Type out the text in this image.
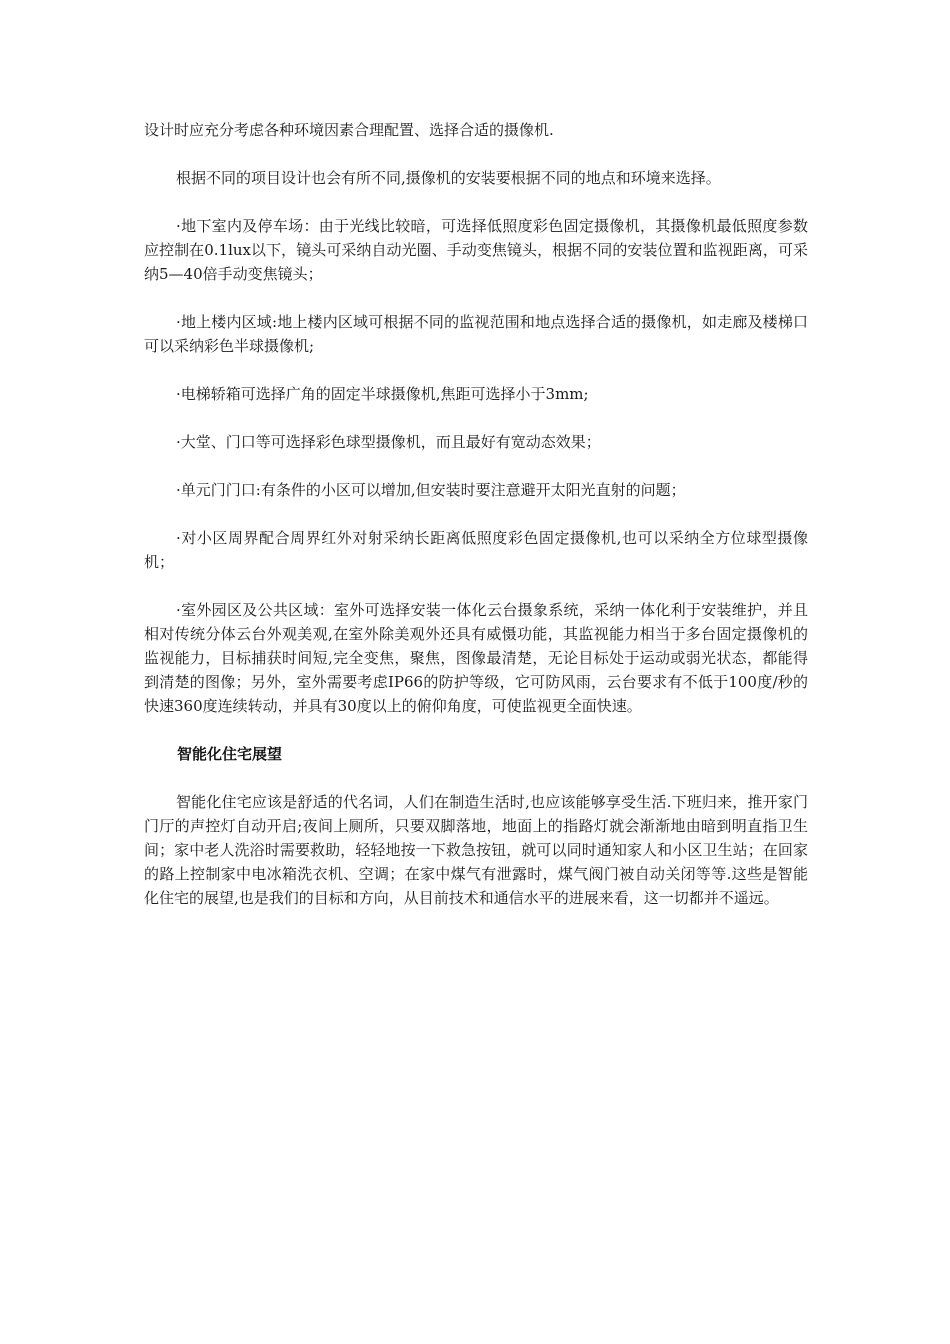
设计时应充分考虑各种环境因素合理配置、选择合适的摄像机.

根据不同的项目设计也会有所不同,摄像机的安装要根据不同的地点和环境来选择。

·地下室内及停车场：由于光线比较暗，可选择低照度彩色固定摄像机，其摄像机最低照度参数应控制在0.1lux以下，镜头可采纳自动光圈、手动变焦镜头，根据不同的安装位置和监视距离，可采纳5—40倍手动变焦镜头；

·地上楼内区域:地上楼内区域可根据不同的监视范围和地点选择合适的摄像机，如走廊及楼梯口可以采纳彩色半球摄像机;

·电梯轿箱可选择广角的固定半球摄像机,焦距可选择小于3mm;

·大堂、门口等可选择彩色球型摄像机，而且最好有宽动态效果；

·单元门门口:有条件的小区可以增加,但安装时要注意避开太阳光直射的问题；

·对小区周界配合周界红外对射采纳长距离低照度彩色固定摄像机,也可以采纳全方位球型摄像机；

·室外园区及公共区域：室外可选择安装一体化云台摄象系统，采纳一体化利于安装维护，并且相对传统分体云台外观美观,在室外除美观外还具有威慑功能，其监视能力相当于多台固定摄像机的监视能力，目标捕获时间短,完全变焦，聚焦，图像最清楚，无论目标处于运动或弱光状态，都能得到清楚的图像；另外，室外需要考虑IP66的防护等级，它可防风雨，云台要求有不低于100度/秒的快速360度连续转动，并具有30度以上的俯仰角度，可使监视更全面快速。

智能化住宅展望

智能化住宅应该是舒适的代名词，人们在制造生活时,也应该能够享受生活.下班归来，推开家门门厅的声控灯自动开启;夜间上厕所，只要双脚落地，地面上的指路灯就会渐渐地由暗到明直指卫生间；家中老人洗浴时需要救助，轻轻地按一下救急按钮，就可以同时通知家人和小区卫生站；在回家的路上控制家中电冰箱洗衣机、空调；在家中煤气有泄露时，煤气阀门被自动关闭等等.这些是智能化住宅的展望,也是我们的目标和方向，从目前技术和通信水平的进展来看，这一切都并不遥远。
